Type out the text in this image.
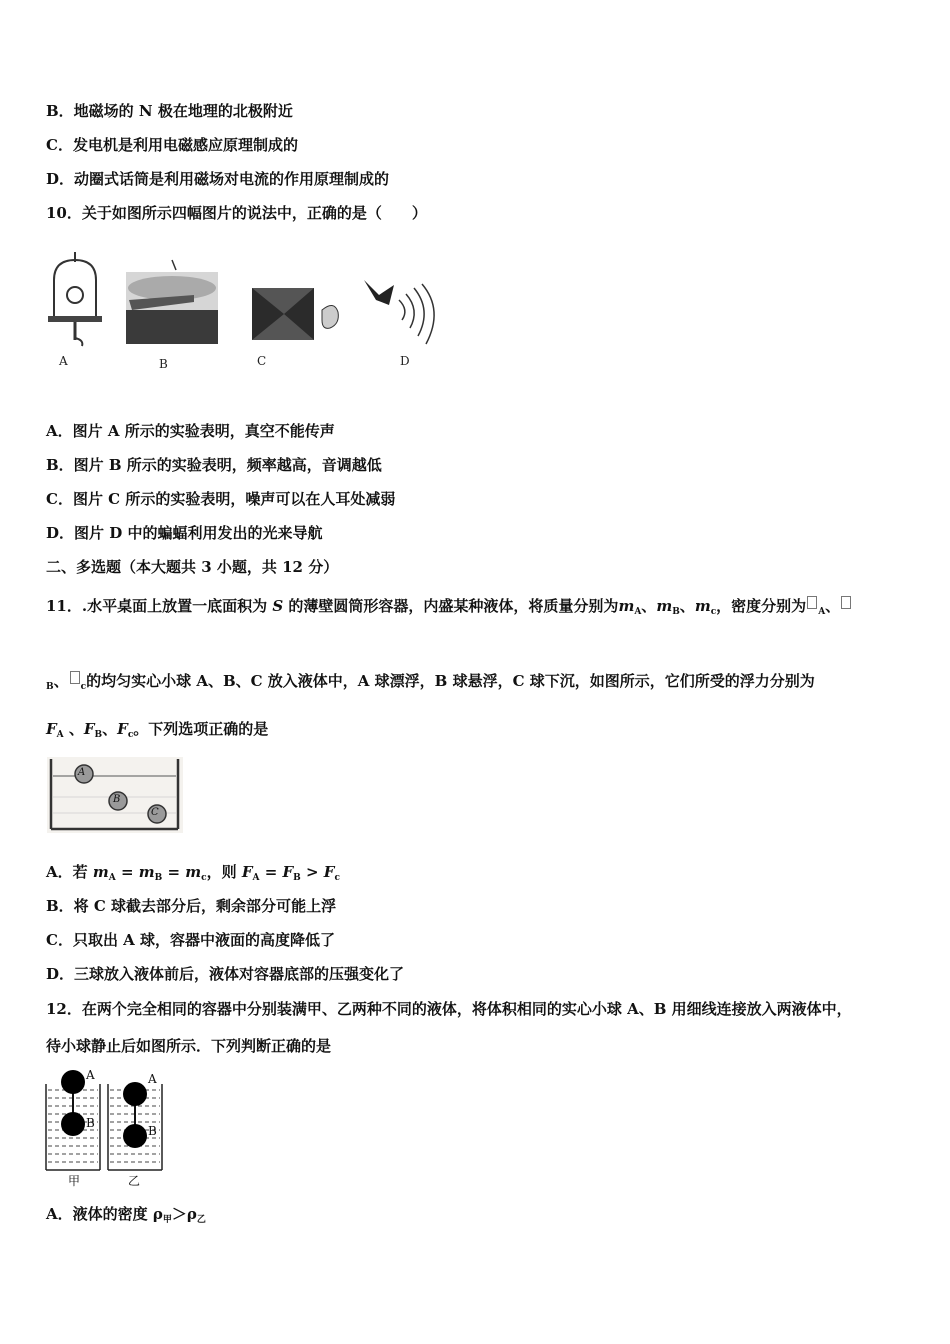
B．地磁场的 N 极在地理的北极附近
C．发电机是利用电磁感应原理制成的
D．动圈式话筒是利用磁场对电流的作用原理制成的
10．关于如图所示四幅图片的说法中，正确的是（　　）
A	B	C	D
A．图片 A 所示的实验表明，真空不能传声
B．图片 B 所示的实验表明，频率越高，音调越低
C．图片 C 所示的实验表明，噪声可以在人耳处减弱
D．图片 D 中的蝙蝠利用发出的光来导航
二、多选题（本大题共 3 小题，共 12 分）
11．.水平桌面上放置一底面积为 S 的薄壁圆筒形容器，内盛某种液体，将质量分别为$m_A$、$m_B$、$m_c$，密度分别为 $_A$、
$_B$、 $_c$的均匀实心小球 A、B、C 放入液体中，A 球漂浮，B 球悬浮，C 球下沉，如图所示，它们所受的浮力分别为
$F_A$ 、$F_B$、$F_c$。下列选项正确的是
A
B
C
A．若 $m_A = m_B = m_c$，则 $F_A = F_B > F_c$
B．将 C 球截去部分后，剩余部分可能上浮
C．只取出 A 球，容器中液面的高度降低了
D．三球放入液体前后，液体对容器底部的压强变化了
12．在两个完全相同的容器中分别装满甲、乙两种不同的液体，将体积相同的实心小球 A、B 用细线连接放入两液体中，
待小球静止后如图所示．下列判断正确的是
A
B
A
B
甲	乙
A．液体的密度 $\rho_甲>\rho_乙$
